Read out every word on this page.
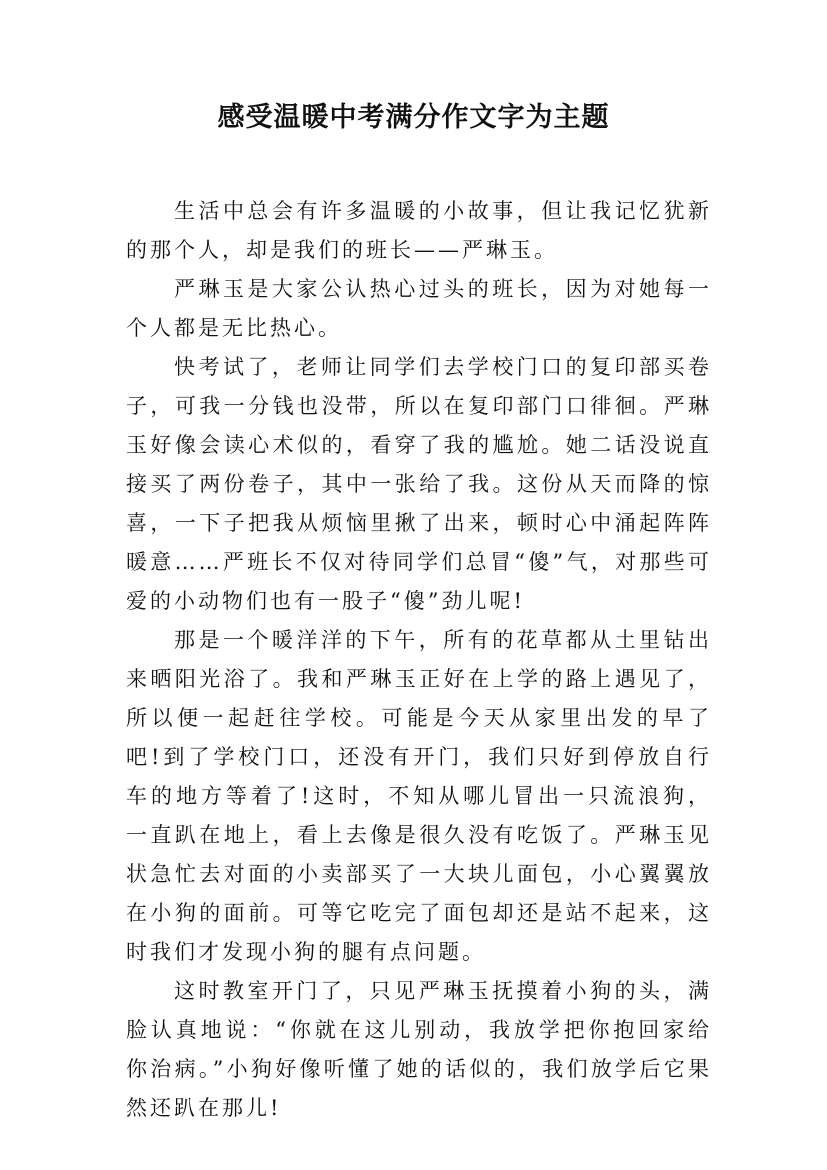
感受温暖中考满分作文字为主题

生活中总会有许多温暖的小故事，但让我记忆犹新的那个人，却是我们的班长——严琳玉。

严琳玉是大家公认热心过头的班长，因为对她每一个人都是无比热心。

快考试了，老师让同学们去学校门口的复印部买卷子，可我一分钱也没带，所以在复印部门口徘徊。严琳玉好像会读心术似的，看穿了我的尴尬。她二话没说直接买了两份卷子，其中一张给了我。这份从天而降的惊喜，一下子把我从烦恼里揪了出来，顿时心中涌起阵阵暖意……严班长不仅对待同学们总冒“傻”气，对那些可爱的小动物们也有一股子“傻”劲儿呢!

那是一个暖洋洋的下午，所有的花草都从土里钻出来晒阳光浴了。我和严琳玉正好在上学的路上遇见了，所以便一起赶往学校。可能是今天从家里出发的早了吧!到了学校门口，还没有开门，我们只好到停放自行车的地方等着了!这时，不知从哪儿冒出一只流浪狗，一直趴在地上，看上去像是很久没有吃饭了。严琳玉见状急忙去对面的小卖部买了一大块儿面包，小心翼翼放在小狗的面前。可等它吃完了面包却还是站不起来，这时我们才发现小狗的腿有点问题。

这时教室开门了，只见严琳玉抚摸着小狗的头，满脸认真地说：“你就在这儿别动，我放学把你抱回家给你治病。”小狗好像听懂了她的话似的，我们放学后它果然还趴在那儿!
